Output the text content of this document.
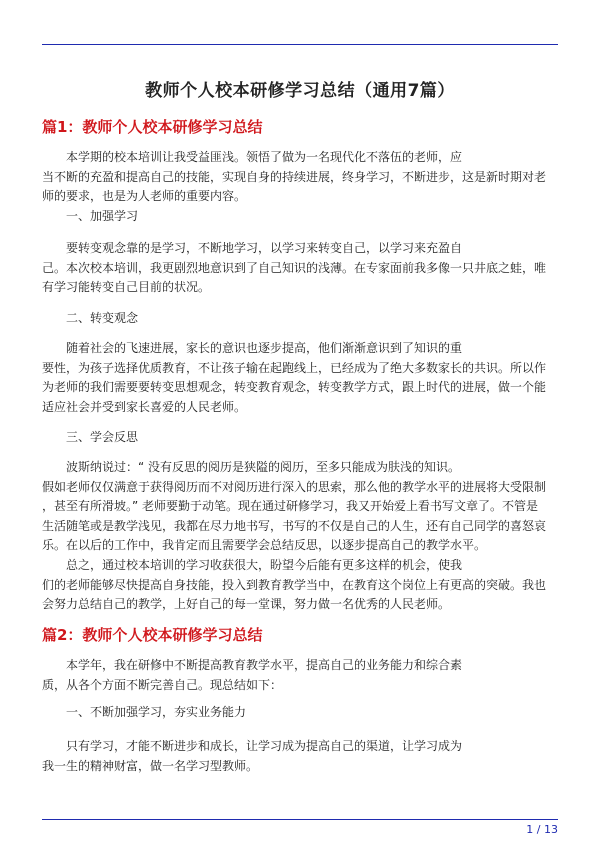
教师个人校本研修学习总结（通用7篇）
篇1：教师个人校本研修学习总结
本学期的校本培训让我受益匪浅。领悟了做为一名现代化不落伍的老师，应
当不断的充盈和提高自己的技能，实现自身的持续进展，终身学习，不断进步，这是新时期对老
师的要求，也是为人老师的重要内容。
一、加强学习
要转变观念靠的是学习，不断地学习，以学习来转变自己，以学习来充盈自
己。本次校本培训，我更剧烈地意识到了自己知识的浅薄。在专家面前我多像一只井底之蛙，唯
有学习能转变自己目前的状况。
二、转变观念
随着社会的飞速进展，家长的意识也逐步提高，他们渐渐意识到了知识的重
要性，为孩子选择优质教育，不让孩子输在起跑线上，已经成为了绝大多数家长的共识。所以作
为老师的我们需要要转变思想观念，转变教育观念，转变教学方式，跟上时代的进展，做一个能
适应社会并受到家长喜爱的人民老师。
三、学会反思
波斯纳说过：“ 没有反思的阅历是狭隘的阅历，至多只能成为肤浅的知识。
假如老师仅仅满意于获得阅历而不对阅历进行深入的思索，那么他的教学水平的进展将大受限制
，甚至有所滑坡。” 老师要勤于动笔。现在通过研修学习，我又开始爱上看书写文章了。不管是
生活随笔或是教学浅见，我都在尽力地书写，书写的不仅是自己的人生，还有自己同学的喜怒哀
乐。在以后的工作中，我肯定而且需要学会总结反思，以逐步提高自己的教学水平。
总之，通过校本培训的学习收获很大，盼望今后能有更多这样的机会，使我
们的老师能够尽快提高自身技能，投入到教育教学当中，在教育这个岗位上有更高的突破。我也
会努力总结自己的教学，上好自己的每一堂课，努力做一名优秀的人民老师。
篇2：教师个人校本研修学习总结
本学年，我在研修中不断提高教育教学水平，提高自己的业务能力和综合素
质，从各个方面不断完善自己。现总结如下：
一、不断加强学习，夯实业务能力
只有学习，才能不断进步和成长，让学习成为提高自己的渠道，让学习成为
我一生的精神财富，做一名学习型教师。
1 / 13
